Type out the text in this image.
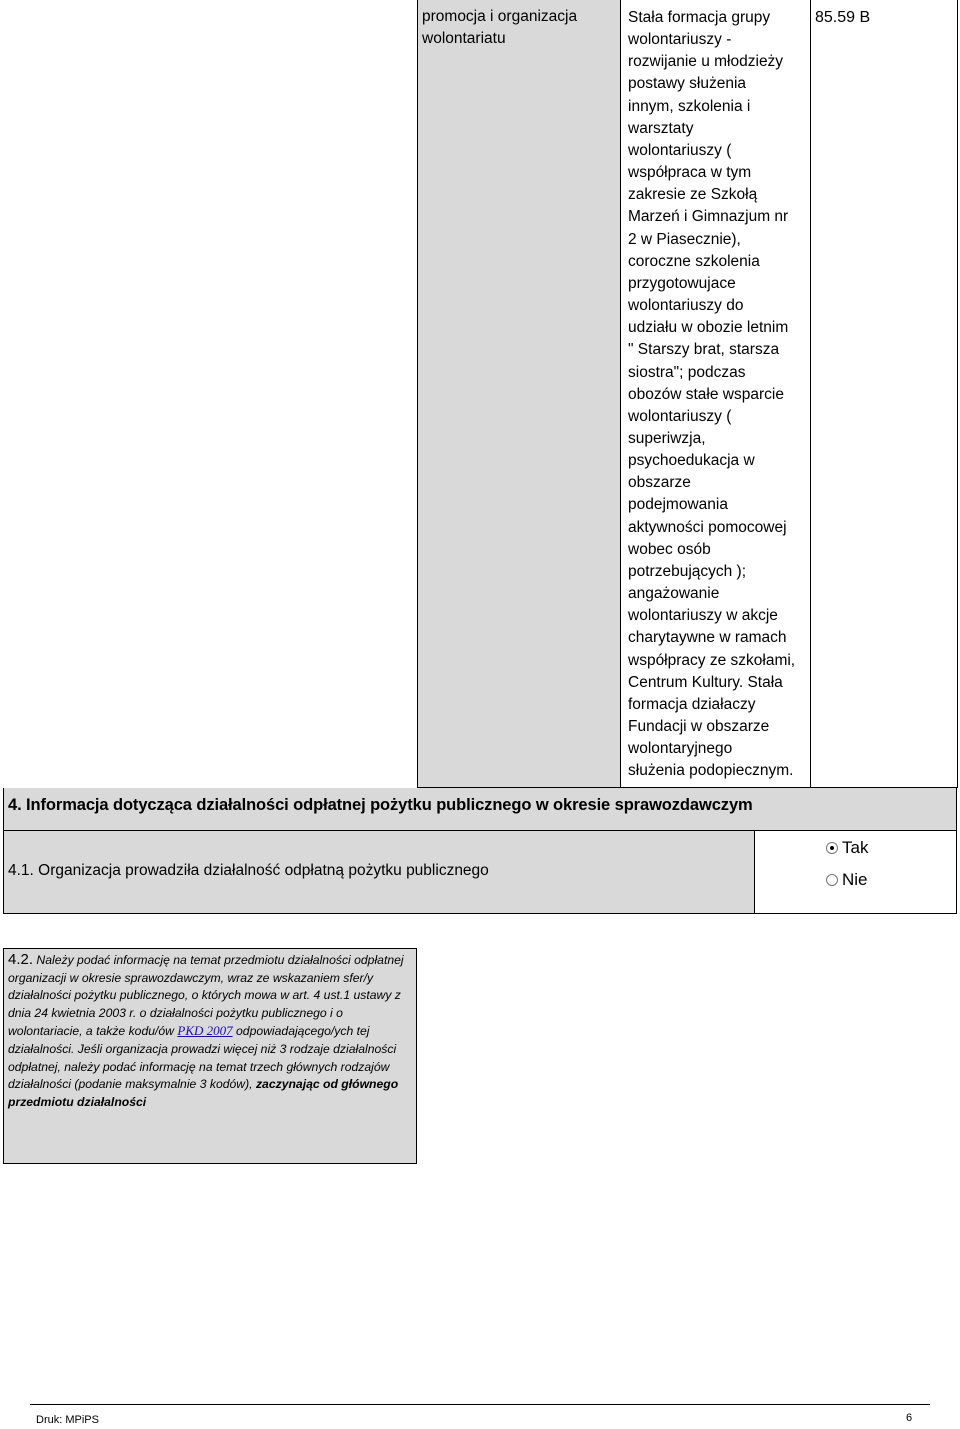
promocja i organizacja wolontariatu
Stała formacja grupy
wolontariuszy -
rozwijanie u młodzieży
postawy służenia
innym, szkolenia i
warsztaty
wolontariuszy (
współpraca w tym
zakresie ze Szkołą
Marzeń i Gimnazjum nr
2 w Piasecznie),
coroczne szkolenia
przygotowujace
wolontariuszy do
udziału w obozie letnim
" Starszy brat, starsza
siostra"; podczas
obozów stałe wsparcie
wolontariuszy (
superiwzja,
psychoedukacja w
obszarze
podejmowania
aktywności pomocowej
wobec osób
potrzebujących );
angażowanie
wolontariuszy w akcje
charytaywne w ramach
współpracy ze szkołami,
Centrum Kultury. Stała
formacja działaczy
Fundacji w obszarze
wolontaryjnego
służenia podopiecznym.
85.59 B
4. Informacja dotycząca działalności odpłatnej pożytku publicznego w okresie sprawozdawczym
4.1. Organizacja prowadziła działalność odpłatną pożytku publicznego
Tak
Nie
4.2. Należy podać informację na temat przedmiotu działalności odpłatnej organizacji w okresie sprawozdawczym, wraz ze wskazaniem sfer/y działalności pożytku publicznego, o których mowa w art. 4 ust.1 ustawy z dnia 24 kwietnia 2003 r. o działalności pożytku publicznego i o wolontariacie, a także kodu/ów PKD 2007 odpowiadającego/ych tej działalności. Jeśli organizacja prowadzi więcej niż 3 rodzaje działalności odpłatnej, należy podać informację na temat trzech głównych rodzajów działalności (podanie maksymalnie 3 kodów), zaczynając od głównego przedmiotu działalności
Druk: MPiPS	6
